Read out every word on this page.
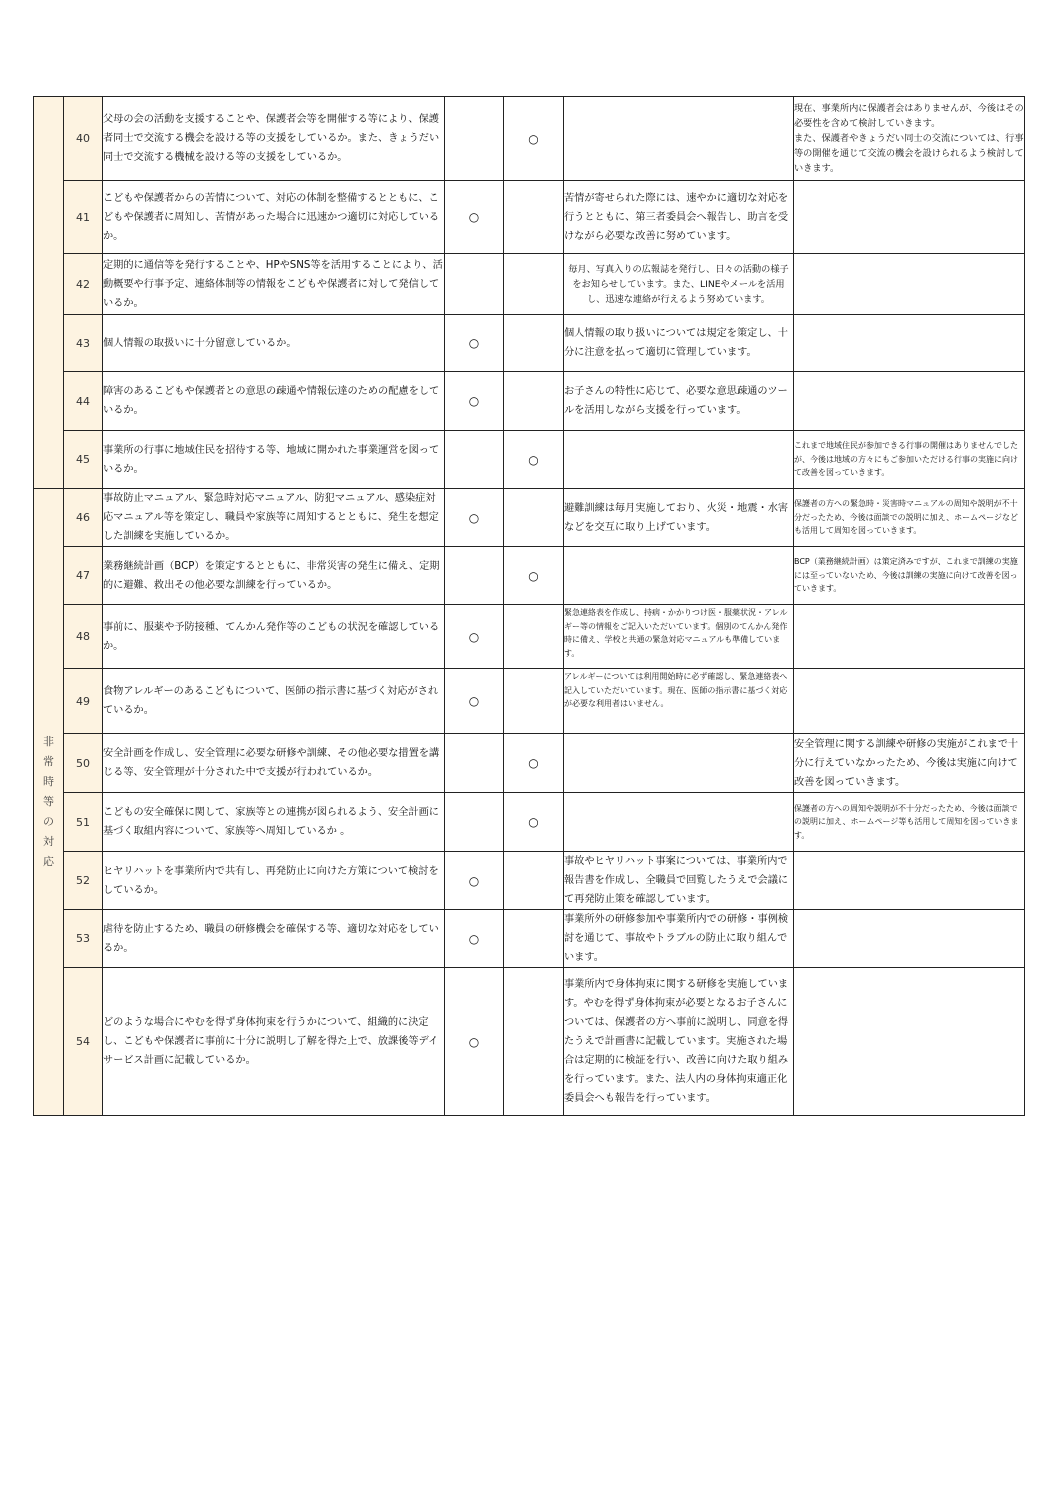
	40	父母の会の活動を支援することや、保護者会等を開催する等により、保護者同士で交流する機会を設ける等の支援をしているか。また、きょうだい同士で交流する機械を設ける等の支援をしているか。		○		現在、事業所内に保護者会はありませんが、今後はその必要性を含めて検討していきます。
また、保護者やきょうだい同士の交流については、行事等の開催を通じて交流の機会を設けられるよう検討していきます。
	41	こどもや保護者からの苦情について、対応の体制を整備するとともに、こどもや保護者に周知し、苦情があった場合に迅速かつ適切に対応しているか。	○		苦情が寄せられた際には、速やかに適切な対応を行うとともに、第三者委員会へ報告し、助言を受けながら必要な改善に努めています。	
	42	定期的に通信等を発行することや、HPやSNS等を活用することにより、活動概要や行事予定、連絡体制等の情報をこどもや保護者に対して発信しているか。			毎月、写真入りの広報誌を発行し、日々の活動の様子をお知らせしています。また、LINEやメールを活用し、迅速な連絡が行えるよう努めています。	
	43	個人情報の取扱いに十分留意しているか。	○		個人情報の取り扱いについては規定を策定し、十分に注意を払って適切に管理しています。	
	44	障害のあるこどもや保護者との意思の疎通や情報伝達のための配慮をしているか。	○		お子さんの特性に応じて、必要な意思疎通のツールを活用しながら支援を行っています。	
	45	事業所の行事に地域住民を招待する等、地域に開かれた事業運営を図っているか。		○		これまで地域住民が参加できる行事の開催はありませんでしたが、今後は地域の方々にもご参加いただける行事の実施に向けて改善を図っていきます。
非常時等の対応	46	事故防止マニュアル、緊急時対応マニュアル、防犯マニュアル、感染症対応マニュアル等を策定し、職員や家族等に周知するとともに、発生を想定した訓練を実施しているか。	○		避難訓練は毎月実施しており、火災・地震・水害などを交互に取り上げています。	保護者の方への緊急時・災害時マニュアルの周知や説明が不十分だったため、今後は面談での説明に加え、ホームページなども活用して周知を図っていきます。
	47	業務継続計画（BCP）を策定するとともに、非常災害の発生に備え、定期的に避難、救出その他必要な訓練を行っているか。		○		BCP（業務継続計画）は策定済みですが、これまで訓練の実施には至っていないため、今後は訓練の実施に向けて改善を図っていきます。
	48	事前に、服薬や予防接種、てんかん発作等のこどもの状況を確認しているか。	○		緊急連絡表を作成し、持病・かかりつけ医・服薬状況・アレルギー等の情報をご記入いただいています。個別のてんかん発作時に備え、学校と共通の緊急対応マニュアルも準備しています。	
	49	食物アレルギーのあるこどもについて、医師の指示書に基づく対応がされているか。	○		アレルギーについては利用開始時に必ず確認し、緊急連絡表へ記入していただいています。現在、医師の指示書に基づく対応が必要な利用者はいません。	
	50	安全計画を作成し、安全管理に必要な研修や訓練、その他必要な措置を講じる等、安全管理が十分された中で支援が行われているか。		○		安全管理に関する訓練や研修の実施がこれまで十分に行えていなかったため、今後は実施に向けて改善を図っていきます。
	51	こどもの安全確保に関して、家族等との連携が図られるよう、安全計画に基づく取組内容について、家族等へ周知しているか 。		○		保護者の方への周知や説明が不十分だったため、今後は面談での説明に加え、ホームページ等も活用して周知を図っていきます。
	52	ヒヤリハットを事業所内で共有し、再発防止に向けた方策について検討をしているか。	○		事故やヒヤリハット事案については、事業所内で報告書を作成し、全職員で回覧したうえで会議にて再発防止策を確認しています。	
	53	虐待を防止するため、職員の研修機会を確保する等、適切な対応をしているか。	○		事業所外の研修参加や事業所内での研修・事例検討を通じて、事故やトラブルの防止に取り組んでいます。	
	54	どのような場合にやむを得ず身体拘束を行うかについて、組織的に決定し、こどもや保護者に事前に十分に説明し了解を得た上で、放課後等デイサービス計画に記載しているか。	○		事業所内で身体拘束に関する研修を実施しています。やむを得ず身体拘束が必要となるお子さんについては、保護者の方へ事前に説明し、同意を得たうえで計画書に記載しています。実施された場合は定期的に検証を行い、改善に向けた取り組みを行っています。また、法人内の身体拘束適正化委員会へも報告を行っています。	
